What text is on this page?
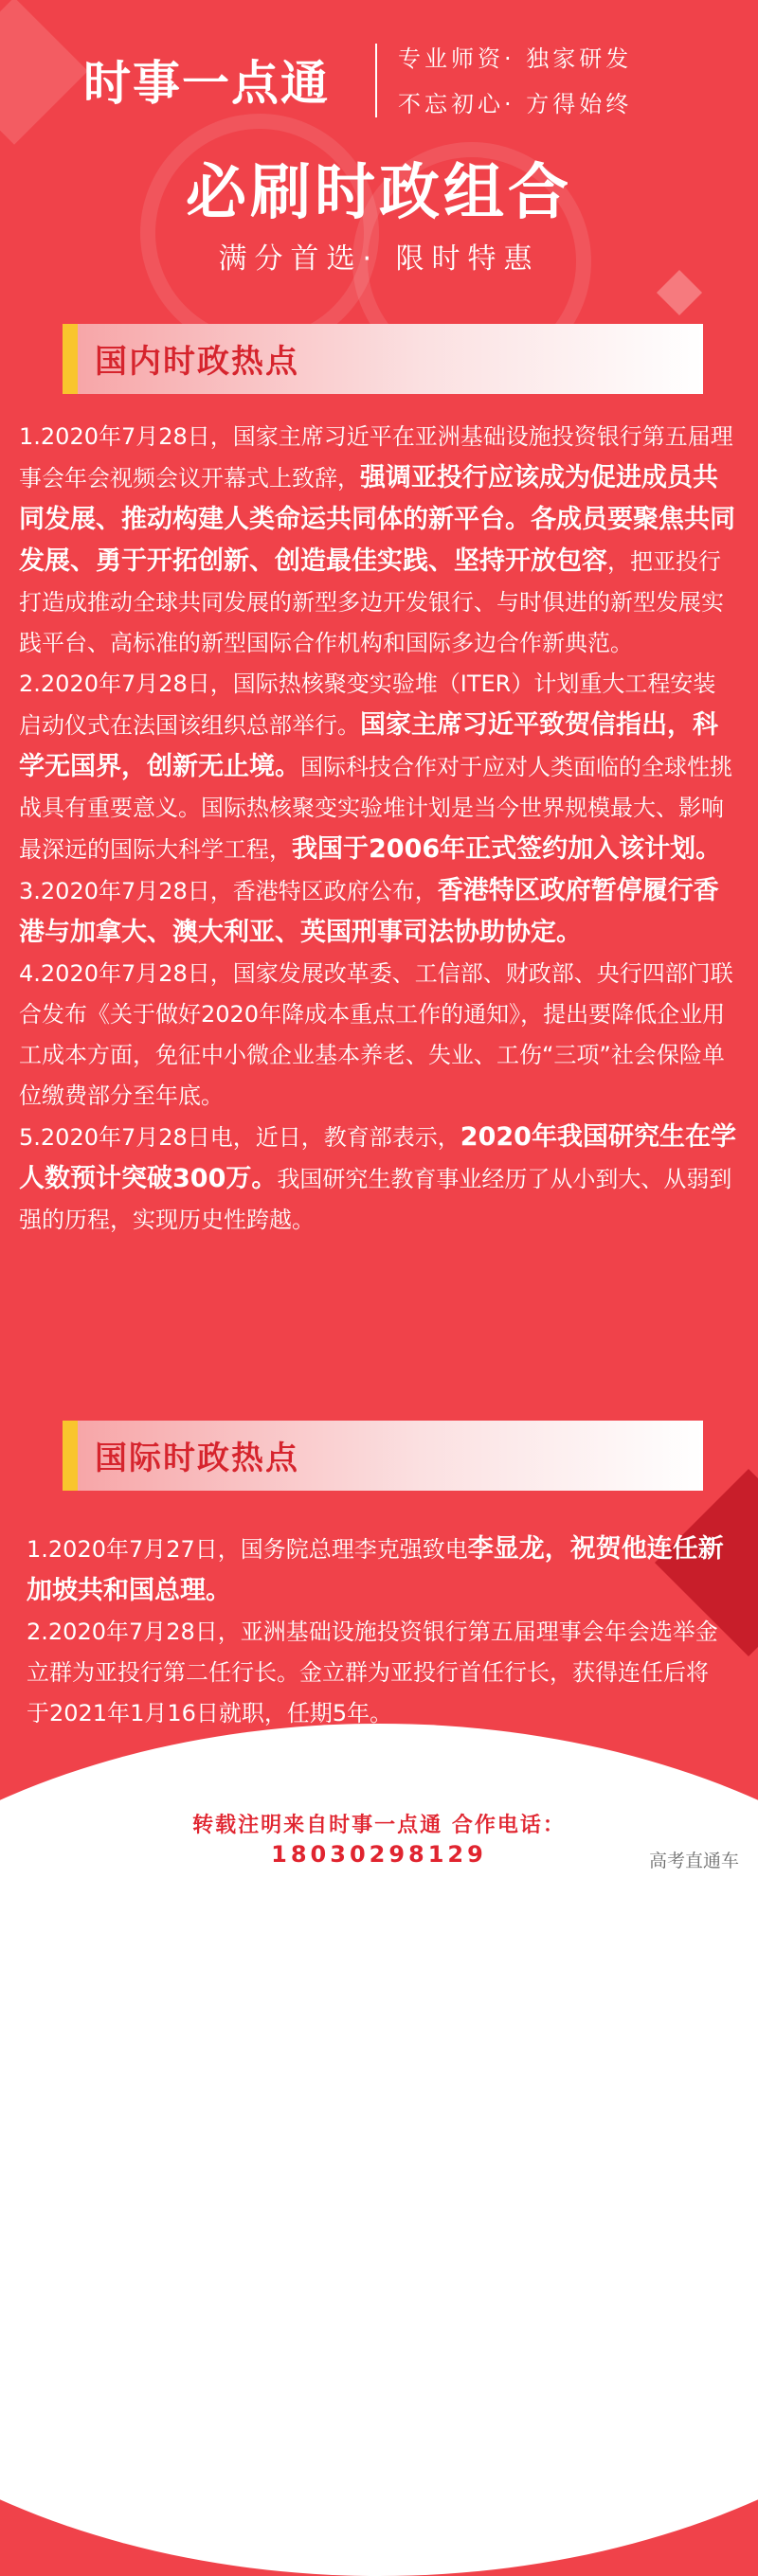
时事一点通	专业师资· 独家研发
不忘初心· 方得始终
必刷时政组合
满分首选· 限时特惠
国内时政热点

1.2020年7月28日，国家主席习近平在亚洲基础设施投资银行第五届理事会年会视频会议开幕式上致辞，强调亚投行应该成为促进成员共同发展、推动构建人类命运共同体的新平台。各成员要聚焦共同发展、勇于开拓创新、创造最佳实践、坚持开放包容，把亚投行打造成推动全球共同发展的新型多边开发银行、与时俱进的新型发展实践平台、高标准的新型国际合作机构和国际多边合作新典范。

2.2020年7月28日，国际热核聚变实验堆（ITER）计划重大工程安装启动仪式在法国该组织总部举行。国家主席习近平致贺信指出，科学无国界，创新无止境。国际科技合作对于应对人类面临的全球性挑战具有重要意义。国际热核聚变实验堆计划是当今世界规模最大、影响最深远的国际大科学工程，我国于2006年正式签约加入该计划。

3.2020年7月28日，香港特区政府公布，香港特区政府暂停履行香港与加拿大、澳大利亚、英国刑事司法协助协定。

4.2020年7月28日，国家发展改革委、工信部、财政部、央行四部门联合发布《关于做好2020年降成本重点工作的通知》，提出要降低企业用工成本方面，免征中小微企业基本养老、失业、工伤“三项”社会保险单位缴费部分至年底。

5.2020年7月28日电，近日，教育部表示，2020年我国研究生在学人数预计突破300万。我国研究生教育事业经历了从小到大、从弱到强的历程，实现历史性跨越。

国际时政热点

1.2020年7月27日，国务院总理李克强致电李显龙，祝贺他连任新加坡共和国总理。

2.2020年7月28日，亚洲基础设施投资银行第五届理事会年会选举金立群为亚投行第二任行长。金立群为亚投行首任行长，获得连任后将于2021年1月16日就职，任期5年。

转载注明来自时事一点通 合作电话：
18030298129	高考直通车
